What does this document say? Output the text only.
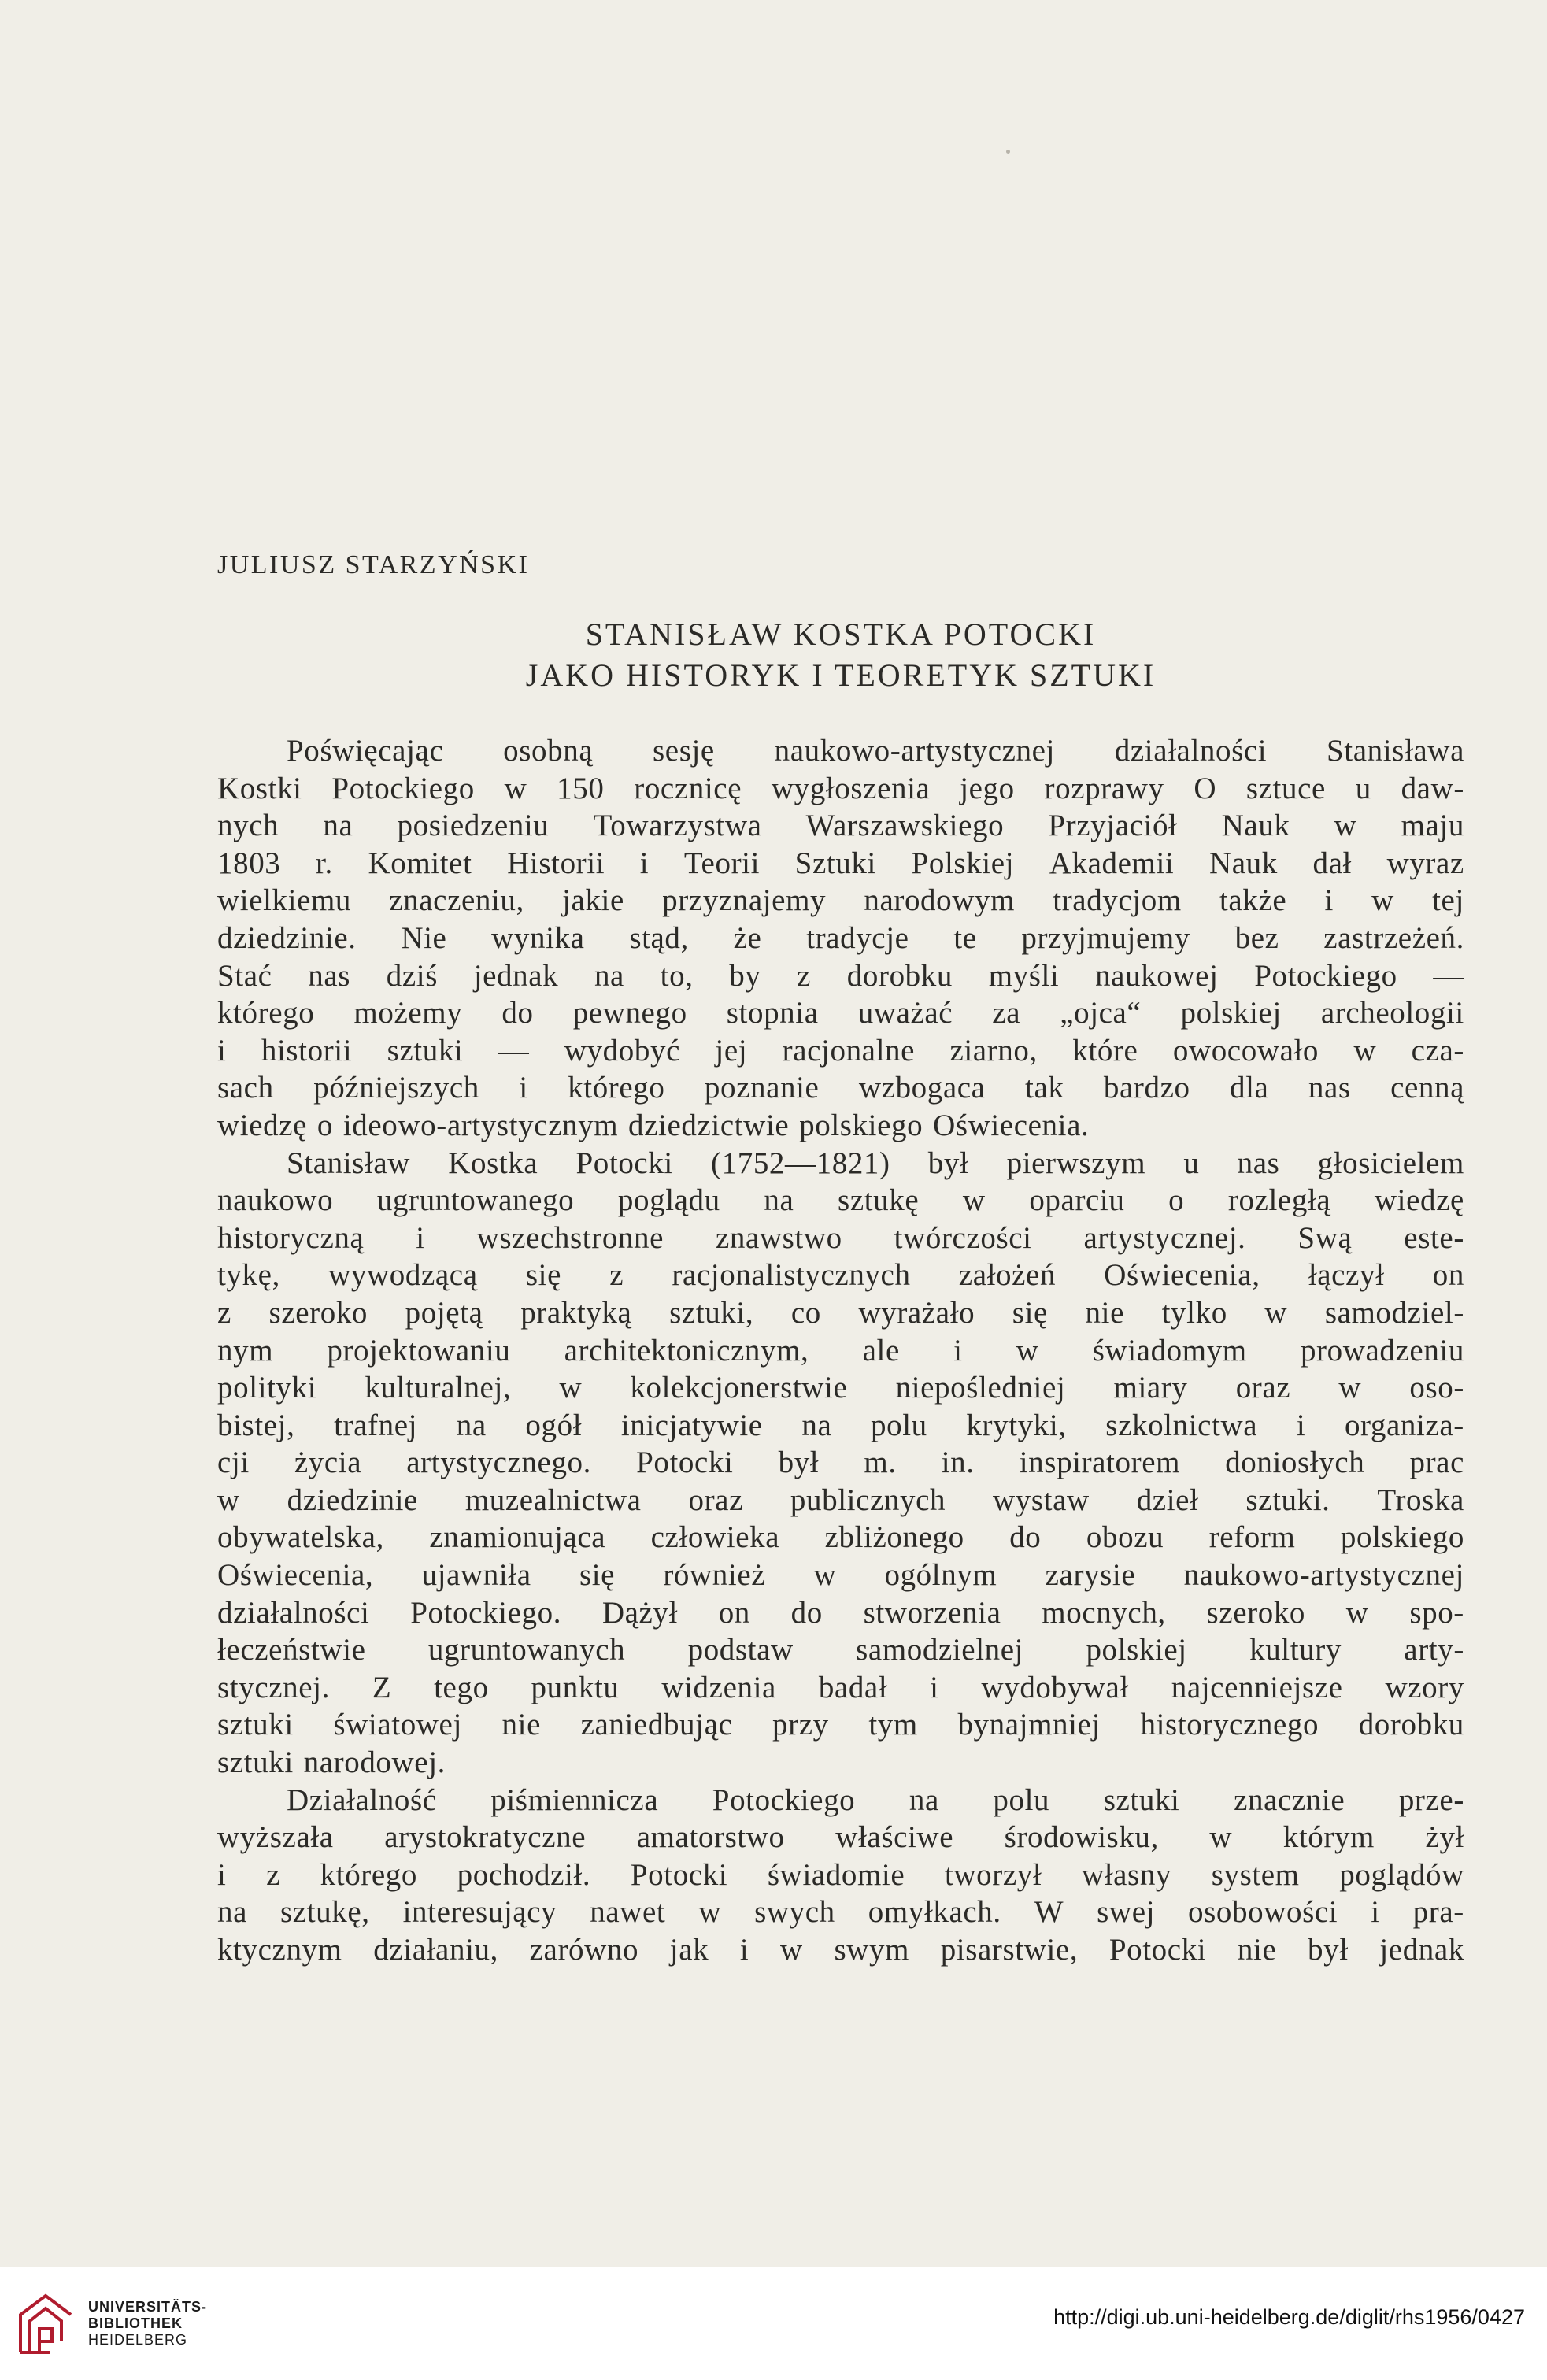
JULIUSZ STARZYŃSKI
STANISŁAW KOSTKA POTOCKI
JAKO HISTORYK I TEORETYK SZTUKI
Poświęcając osobną sesję naukowo-artystycznej działalności Stanisława
Kostki Potockiego w 150 rocznicę wygłoszenia jego rozprawy O sztuce u daw-
nych na posiedzeniu Towarzystwa Warszawskiego Przyjaciół Nauk w maju
1803 r. Komitet Historii i Teorii Sztuki Polskiej Akademii Nauk dał wyraz
wielkiemu znaczeniu, jakie przyznajemy narodowym tradycjom także i w tej
dziedzinie. Nie wynika stąd, że tradycje te przyjmujemy bez zastrzeżeń.
Stać nas dziś jednak na to, by z dorobku myśli naukowej Potockiego —
którego możemy do pewnego stopnia uważać za „ojca“ polskiej archeologii
i historii sztuki — wydobyć jej racjonalne ziarno, które owocowało w cza-
sach późniejszych i którego poznanie wzbogaca tak bardzo dla nas cenną
wiedzę o ideowo-artystycznym dziedzictwie polskiego Oświecenia.
Stanisław Kostka Potocki (1752—1821) był pierwszym u nas głosicielem
naukowo ugruntowanego poglądu na sztukę w oparciu o rozległą wiedzę
historyczną i wszechstronne znawstwo twórczości artystycznej. Swą este-
tykę, wywodzącą się z racjonalistycznych założeń Oświecenia, łączył on
z szeroko pojętą praktyką sztuki, co wyrażało się nie tylko w samodziel-
nym projektowaniu architektonicznym, ale i w świadomym prowadzeniu
polityki kulturalnej, w kolekcjonerstwie niepośledniej miary oraz w oso-
bistej, trafnej na ogół inicjatywie na polu krytyki, szkolnictwa i organiza-
cji życia artystycznego. Potocki był m. in. inspiratorem doniosłych prac
w dziedzinie muzealnictwa oraz publicznych wystaw dzieł sztuki. Troska
obywatelska, znamionująca człowieka zbliżonego do obozu reform polskiego
Oświecenia, ujawniła się również w ogólnym zarysie naukowo-artystycznej
działalności Potockiego. Dążył on do stworzenia mocnych, szeroko w spo-
łeczeństwie ugruntowanych podstaw samodzielnej polskiej kultury arty-
stycznej. Z tego punktu widzenia badał i wydobywał najcenniejsze wzory
sztuki światowej nie zaniedbując przy tym bynajmniej historycznego dorobku
sztuki narodowej.
Działalność piśmiennicza Potockiego na polu sztuki znacznie prze-
wyższała arystokratyczne amatorstwo właściwe środowisku, w którym żył
i z którego pochodził. Potocki świadomie tworzył własny system poglądów
na sztukę, interesujący nawet w swych omyłkach. W swej osobowości i pra-
ktycznym działaniu, zarówno jak i w swym pisarstwie, Potocki nie był jednak
UNIVERSITÄTS-
BIBLIOTHEK
HEIDELBERG
http://digi.ub.uni-heidelberg.de/diglit/rhs1956/0427
